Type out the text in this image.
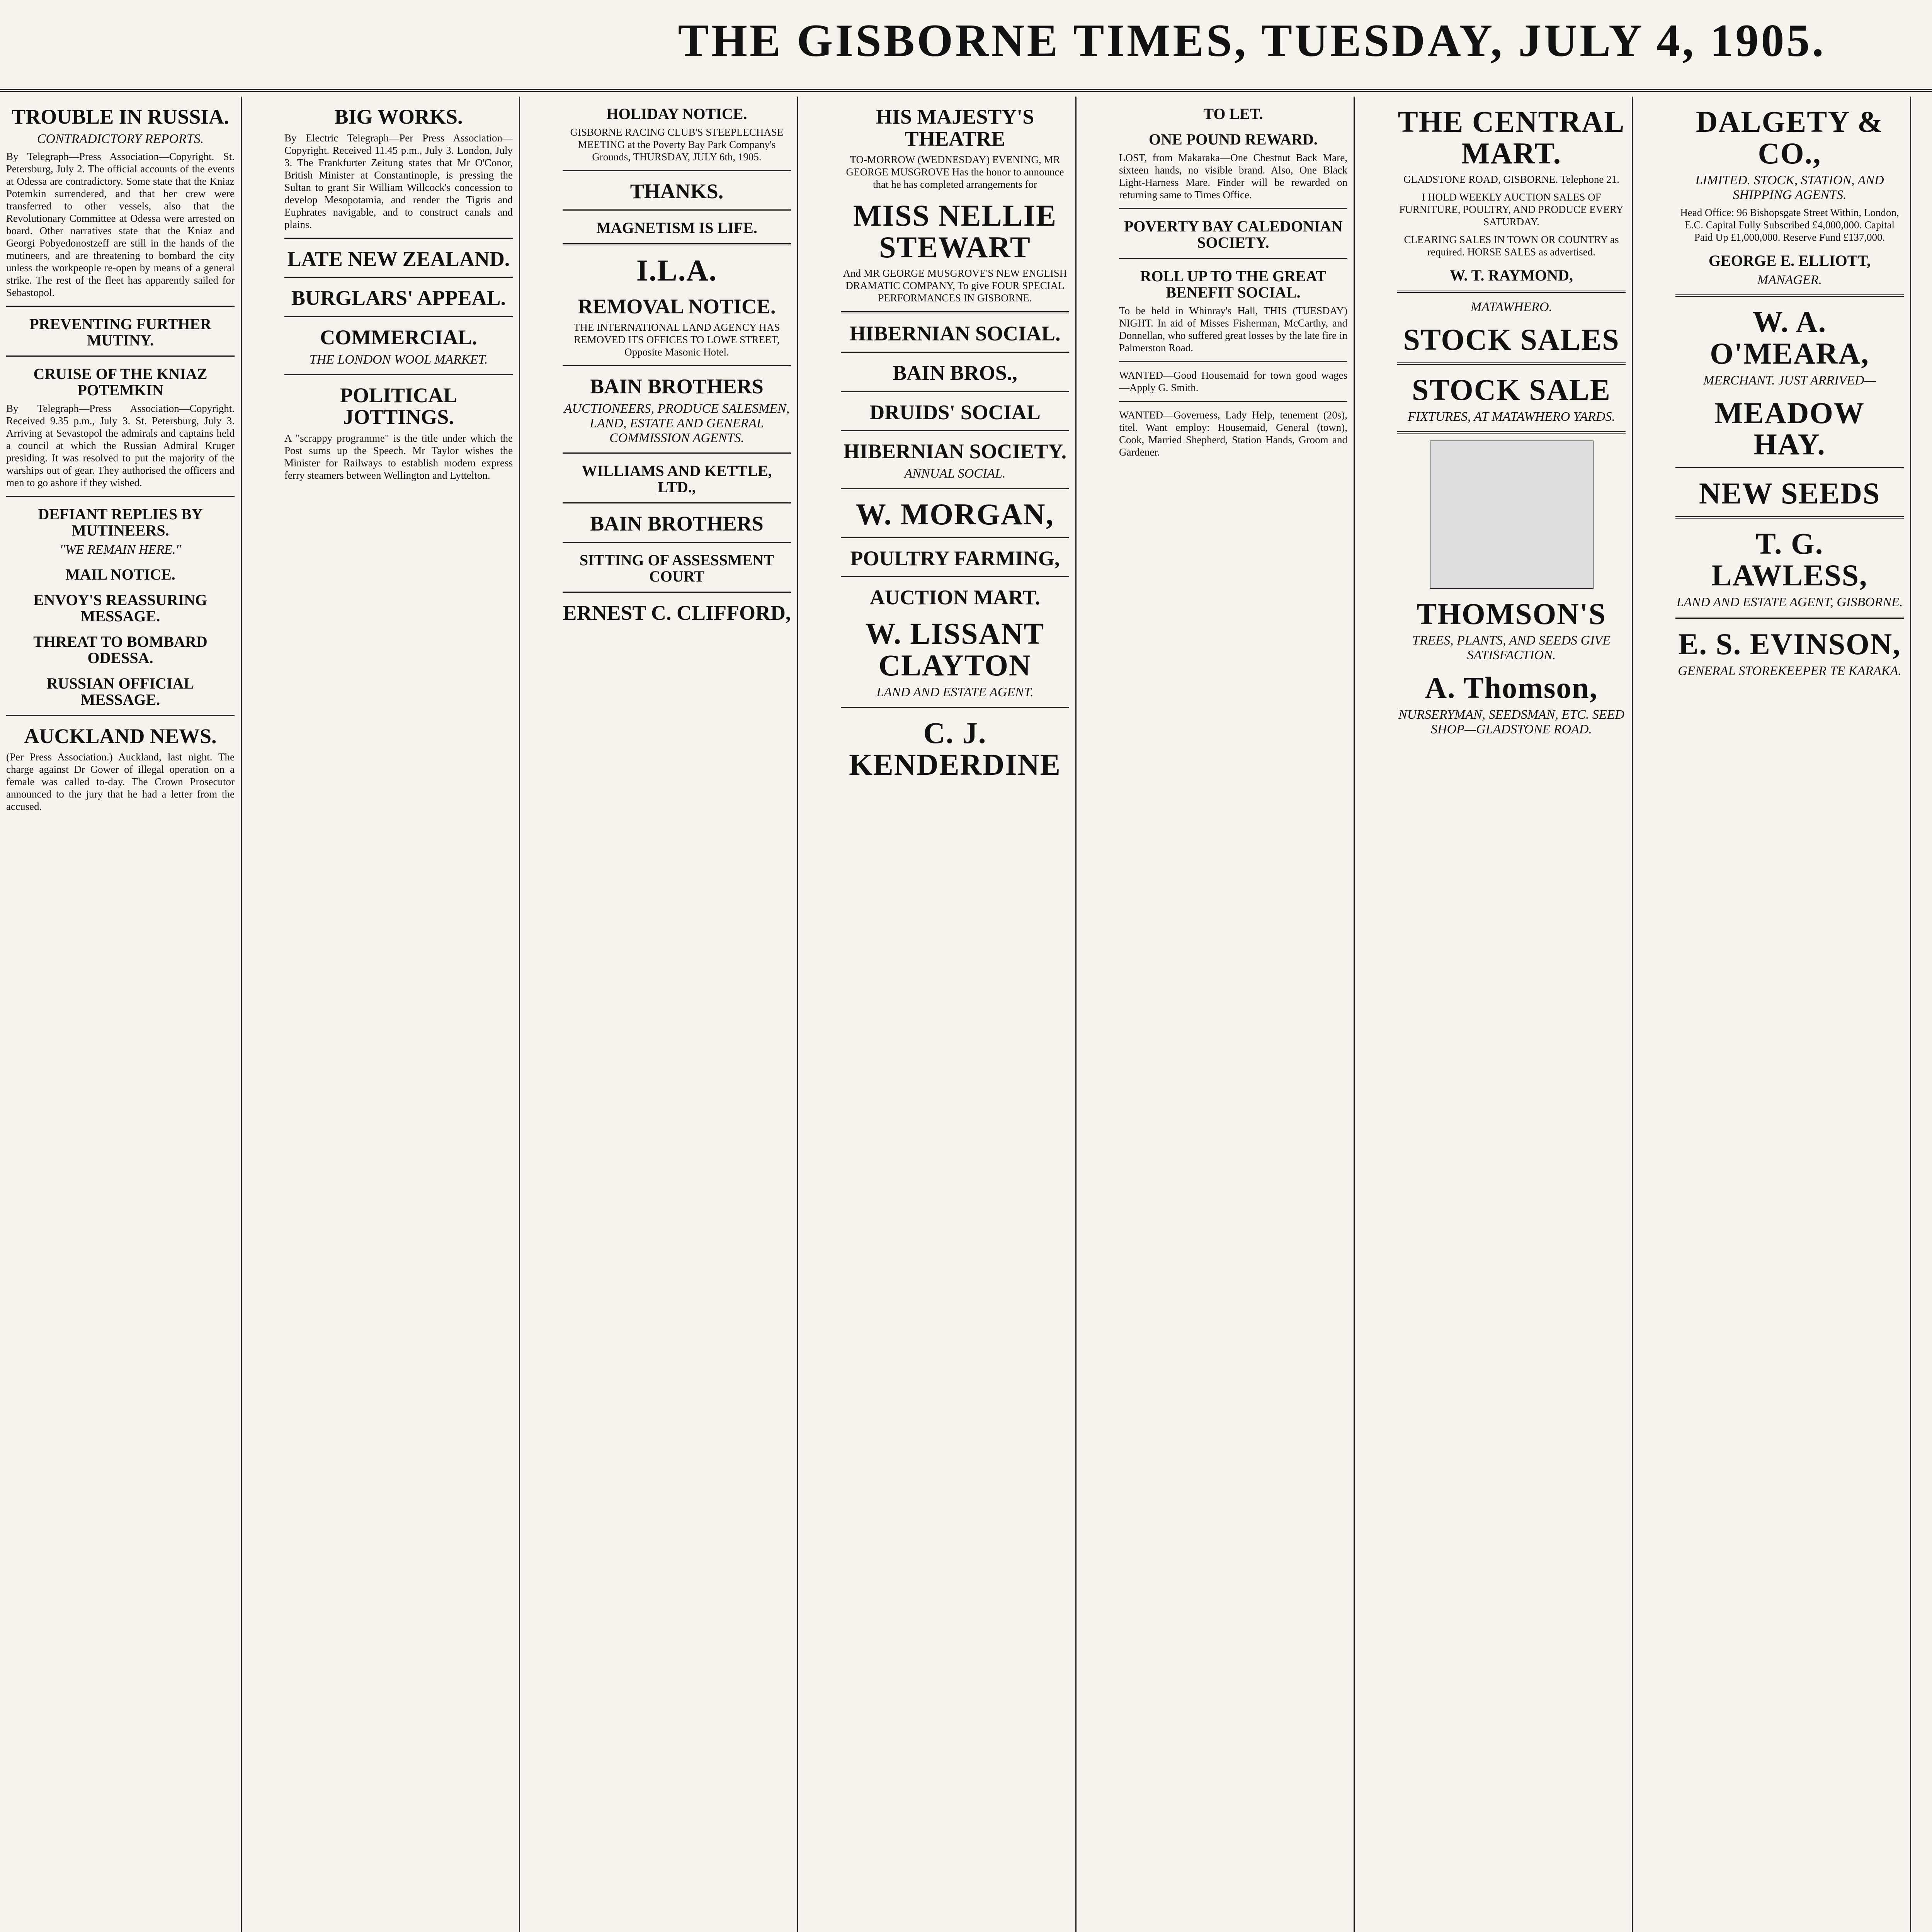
THE GISBORNE TIMES, TUESDAY, JULY 4, 1905.
TROUBLE IN RUSSIA.
CONTRADICTORY REPORTS.

By Telegraph—Press Association—Copyright. St. Petersburg, July 2. The official accounts of the events at Odessa are contradictory. Some state that the Kniaz Potemkin surrendered, and that her crew were transferred to other vessels, also that the Revolutionary Committee at Odessa were arrested on board. Other narratives state that the Kniaz and Georgi Pobyedonostzeff are still in the hands of the mutineers, and are threatening to bombard the city unless the workpeople re-open by means of a general strike. The rest of the fleet has apparently sailed for Sebastopol.

PREVENTING FURTHER MUTINY.
CRUISE OF THE KNIAZ POTEMKIN

By Telegraph—Press Association—Copyright. Received 9.35 p.m., July 3. St. Petersburg, July 3. Arriving at Sevastopol the admirals and captains held a council at which the Russian Admiral Kruger presiding. It was resolved to put the majority of the warships out of gear. They authorised the officers and men to go ashore if they wished.

DEFIANT REPLIES BY MUTINEERS.
"WE REMAIN HERE."
MAIL NOTICE.
ENVOY'S REASSURING MESSAGE.
THREAT TO BOMBARD ODESSA.
RUSSIAN OFFICIAL MESSAGE.
AUCKLAND NEWS.

(Per Press Association.) Auckland, last night. The charge against Dr Gower of illegal operation on a female was called to-day. The Crown Prosecutor announced to the jury that he had a letter from the accused.

BIG WORKS.

By Electric Telegraph—Per Press Association—Copyright. Received 11.45 p.m., July 3. London, July 3. The Frankfurter Zeitung states that Mr O'Conor, British Minister at Constantinople, is pressing the Sultan to grant Sir William Willcock's concession to develop Mesopotamia, and render the Tigris and Euphrates navigable, and to construct canals and plains.

LATE NEW ZEALAND.
BURGLARS' APPEAL.
COMMERCIAL.
THE LONDON WOOL MARKET.
POLITICAL JOTTINGS.

A "scrappy programme" is the title under which the Post sums up the Speech. Mr Taylor wishes the Minister for Railways to establish modern express ferry steamers between Wellington and Lyttelton.

HOLIDAY NOTICE.

GISBORNE RACING CLUB'S STEEPLECHASE MEETING at the Poverty Bay Park Company's Grounds, THURSDAY, JULY 6th, 1905.

THANKS.
MAGNETISM IS LIFE.
I.L.A.
REMOVAL NOTICE.

THE INTERNATIONAL LAND AGENCY HAS REMOVED ITS OFFICES TO LOWE STREET, Opposite Masonic Hotel.

BAIN BROTHERS
AUCTIONEERS, PRODUCE SALESMEN, LAND, ESTATE AND GENERAL COMMISSION AGENTS.
WILLIAMS AND KETTLE, LTD.,
BAIN BROTHERS
SITTING OF ASSESSMENT COURT
ERNEST C. CLIFFORD,
HIS MAJESTY'S THEATRE

TO-MORROW (WEDNESDAY) EVENING, MR GEORGE MUSGROVE Has the honor to announce that he has completed arrangements for

MISS NELLIE STEWART

And MR GEORGE MUSGROVE'S NEW ENGLISH DRAMATIC COMPANY, To give FOUR SPECIAL PERFORMANCES IN GISBORNE.

HIBERNIAN SOCIAL.
BAIN BROS.,
DRUIDS' SOCIAL
HIBERNIAN SOCIETY.
ANNUAL SOCIAL.
W. MORGAN,
POULTRY FARMING,
AUCTION MART.
W. LISSANT CLAYTON
LAND AND ESTATE AGENT.
C. J. KENDERDINE
TO LET.
ONE POUND REWARD.

LOST, from Makaraka—One Chestnut Back Mare, sixteen hands, no visible brand. Also, One Black Light-Harness Mare. Finder will be rewarded on returning same to Times Office.

POVERTY BAY CALEDONIAN SOCIETY.
ROLL UP TO THE GREAT BENEFIT SOCIAL.

To be held in Whinray's Hall, THIS (TUESDAY) NIGHT. In aid of Misses Fisherman, McCarthy, and Donnellan, who suffered great losses by the late fire in Palmerston Road.

WANTED—Good Housemaid for town good wages—Apply G. Smith.

WANTED—Governess, Lady Help, tenement (20s), titel. Want employ: Housemaid, General (town), Cook, Married Shepherd, Station Hands, Groom and Gardener.

THE CENTRAL MART.

GLADSTONE ROAD, GISBORNE. Telephone 21.

I HOLD WEEKLY AUCTION SALES OF FURNITURE, POULTRY, AND PRODUCE EVERY SATURDAY.

CLEARING SALES IN TOWN OR COUNTRY as required. HORSE SALES as advertised.

W. T. RAYMOND,
MATAWHERO.
STOCK SALES
STOCK SALE
FIXTURES, AT MATAWHERO YARDS.
THOMSON'S
TREES, PLANTS, AND SEEDS GIVE SATISFACTION.
A. Thomson,
NURSERYMAN, SEEDSMAN, ETC. SEED SHOP—GLADSTONE ROAD.
DALGETY & CO.,
LIMITED. STOCK, STATION, AND SHIPPING AGENTS.

Head Office: 96 Bishopsgate Street Within, London, E.C. Capital Fully Subscribed £4,000,000. Capital Paid Up £1,000,000. Reserve Fund £137,000.

GEORGE E. ELLIOTT,
MANAGER.
W. A. O'MEARA,
MERCHANT. JUST ARRIVED—
MEADOW HAY.
NEW SEEDS
T. G. LAWLESS,
LAND AND ESTATE AGENT, GISBORNE.
E. S. EVINSON,
GENERAL STOREKEEPER TE KARAKA.
